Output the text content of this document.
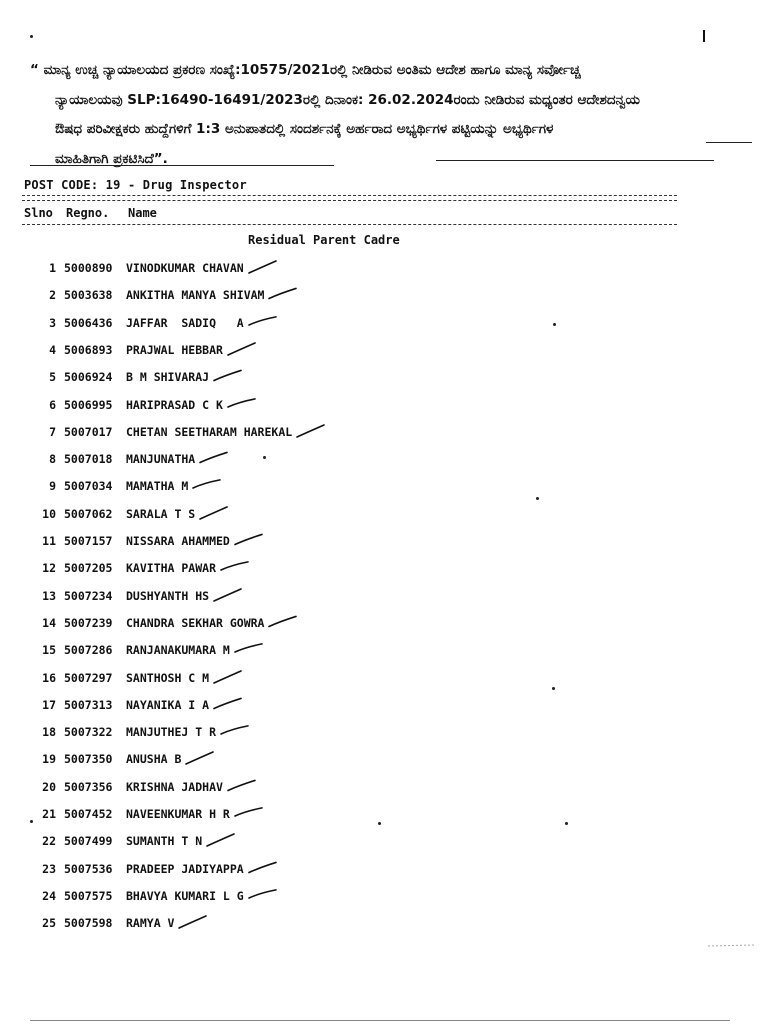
“ ಮಾನ್ಯ ಉಚ್ಚ ನ್ಯಾಯಾಲಯದ ಪ್ರಕರಣ ಸಂಖ್ಯೆ:10575/2021ರಲ್ಲಿ ನೀಡಿರುವ ಅಂತಿಮ ಆದೇಶ ಹಾಗೂ ಮಾನ್ಯ ಸರ್ವೋಚ್ಚ
ನ್ಯಾಯಾಲಯವು SLP:16490-16491/2023ರಲ್ಲಿ ದಿನಾಂಕ: 26.02.2024ರಂದು ನೀಡಿರುವ ಮಧ್ಯಂತರ ಆದೇಶದನ್ವಯ
ಔಷಧ ಪರಿವೀಕ್ಷಕರು ಹುದ್ದೆಗಳಿಗೆ 1:3 ಅನುಪಾತದಲ್ಲಿ ಸಂದರ್ಶನಕ್ಕೆ ಅರ್ಹರಾದ ಅಭ್ಯರ್ಥಿಗಳ ಪಟ್ಟಿಯನ್ನು ಅಭ್ಯರ್ಥಿಗಳ
ಮಾಹಿತಿಗಾಗಿ ಪ್ರಕಟಿಸಿದೆ”.
POST CODE: 19 - Drug Inspector
Slno Regno. Name
Residual Parent Cadre
1 5000890	VINODKUMAR CHAVAN
2 5003638	ANKITHA MANYA SHIVAM
3 5006436	JAFFAR  SADIQ   A
4 5006893	PRAJWAL HEBBAR
5 5006924	B M SHIVARAJ
6 5006995	HARIPRASAD C K
7 5007017	CHETAN SEETHARAM HAREKAL
8 5007018	MANJUNATHA
9 5007034	MAMATHA M
10 5007062	SARALA T S
11 5007157	NISSARA AHAMMED
12 5007205	KAVITHA PAWAR
13 5007234	DUSHYANTH HS
14 5007239	CHANDRA SEKHAR GOWRA
15 5007286	RANJANAKUMARA M
16 5007297	SANTHOSH C M
17 5007313	NAYANIKA I A
18 5007322	MANJUTHEJ T R
19 5007350	ANUSHA B
20 5007356	KRISHNA JADHAV
21 5007452	NAVEENKUMAR H R
22 5007499	SUMANTH T N
23 5007536	PRADEEP JADIYAPPA
24 5007575	BHAVYA KUMARI L G
25 5007598	RAMYA V
